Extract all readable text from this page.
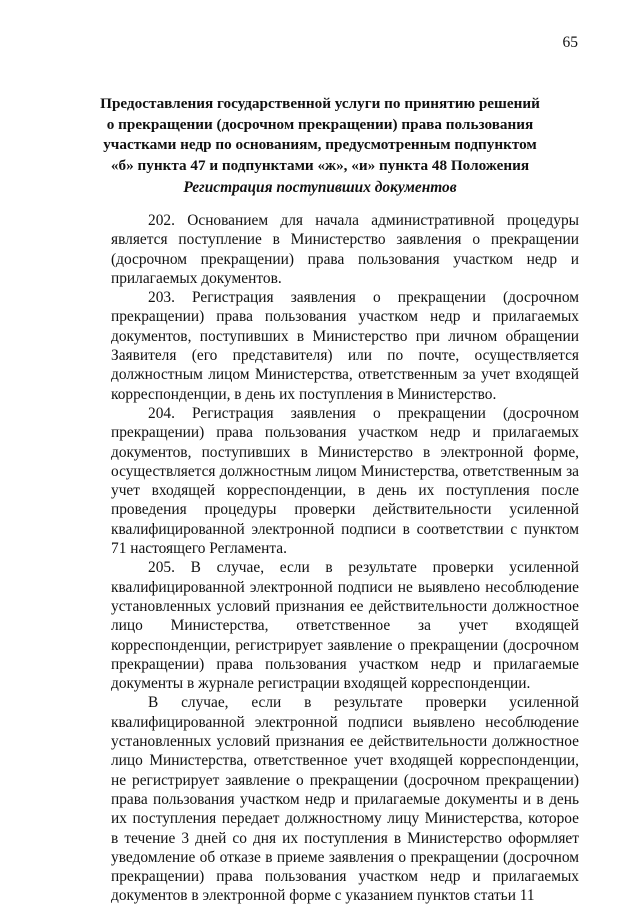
65
Предоставления государственной услуги по принятию решений о прекращении (досрочном прекращении) права пользования участками недр по основаниям, предусмотренным подпунктом «б» пункта 47 и подпунктами «ж», «и» пункта 48 Положения
Регистрация поступивших документов

202. Основанием для начала административной процедуры является поступление в Министерство заявления о прекращении (досрочном прекращении) права пользования участком недр и прилагаемых документов.

203. Регистрация заявления о прекращении (досрочном прекращении) права пользования участком недр и прилагаемых документов, поступивших в Министерство при личном обращении Заявителя (его представителя) или по почте, осуществляется должностным лицом Министерства, ответственным за учет входящей корреспонденции, в день их поступления в Министерство.

204. Регистрация заявления о прекращении (досрочном прекращении) права пользования участком недр и прилагаемых документов, поступивших в Министерство в электронной форме, осуществляется должностным лицом Министерства, ответственным за учет входящей корреспонденции, в день их поступления после проведения процедуры проверки действительности усиленной квалифицированной электронной подписи в соответствии с пунктом 71 настоящего Регламента.

205. В случае, если в результате проверки усиленной квалифицированной электронной подписи не выявлено несоблюдение установленных условий признания ее действительности должностное лицо Министерства, ответственное за учет входящей корреспонденции, регистрирует заявление о прекращении (досрочном прекращении) права пользования участком недр и прилагаемые документы в журнале регистрации входящей корреспонденции.

В случае, если в результате проверки усиленной квалифицированной электронной подписи выявлено несоблюдение установленных условий признания ее действительности должностное лицо Министерства, ответственное учет входящей корреспонденции, не регистрирует заявление о прекращении (досрочном прекращении) права пользования участком недр и прилагаемые документы и в день их поступления передает должностному лицу Министерства, которое в течение 3 дней со дня их поступления в Министерство оформляет уведомление об отказе в приеме заявления о прекращении (досрочном прекращении) права пользования участком недр и прилагаемых документов в электронной форме с указанием пунктов статьи 11
